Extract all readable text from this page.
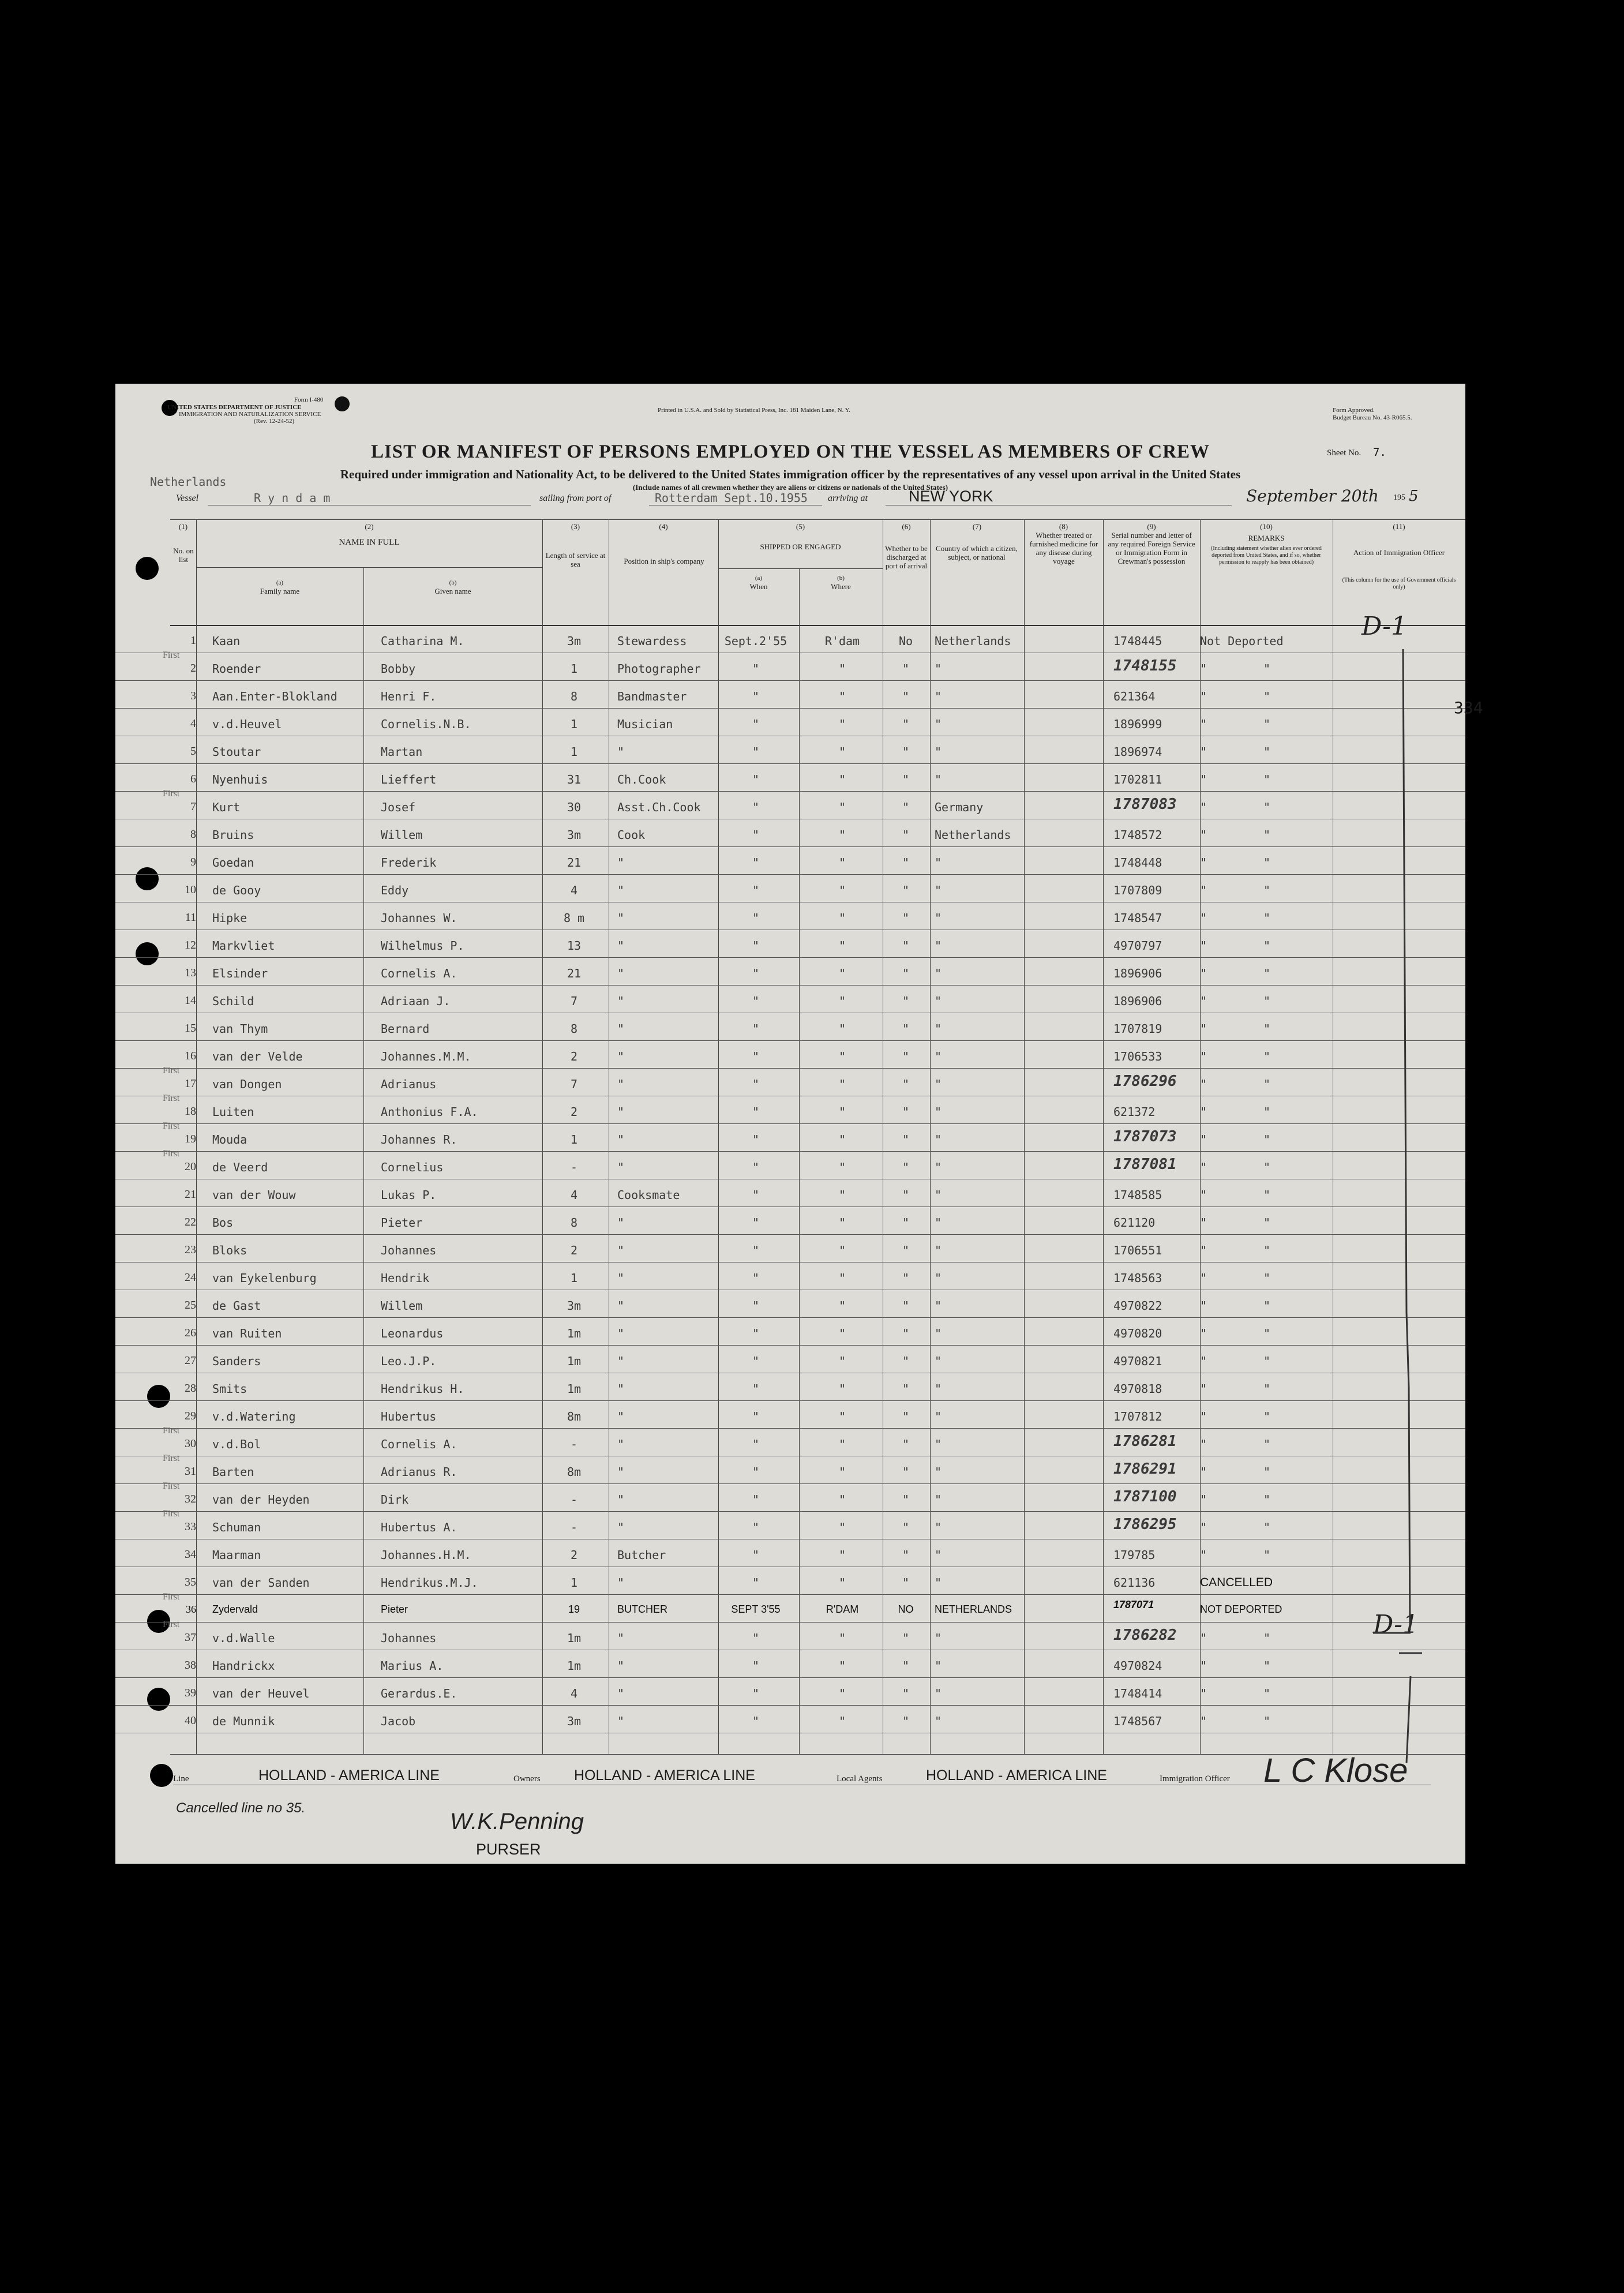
Form I-480
UNITED STATES DEPARTMENT OF JUSTICE
IMMIGRATION AND NATURALIZATION SERVICE
(Rev. 12-24-52)
Printed in U.S.A. and Sold by Statistical Press, Inc. 181 Maiden Lane, N. Y.	Form Approved.
Budget Bureau No. 43-R065.5.
LIST OR MANIFEST OF PERSONS EMPLOYED ON THE VESSEL AS MEMBERS OF CREW	Sheet No. 7.
Required under immigration and Nationality Act, to be delivered to the United States immigration officer by the representatives of any vessel upon arrival in the United States
(Include names of all crewmen whether they are aliens or citizens or nationals of the United States)
Netherlands
Vessel	R y n d a m	sailing from port of	Rotterdam Sept.10.1955 arriving at	NEW YORK	September 20th 195 5
334
(1)	(2)	(3)	(4)	(5)	(6)	(7)	(8)	(9)	(10)	(11)
No. on list
NAME IN FULL
(a)
Family name
(b)
Given name
Length of service at sea	Position in ship's company
SHIPPED OR ENGAGED
(a)
When
(b)
Where
Whether to be discharged at port of arrival
Country of which a citizen, subject, or national
Whether treated or furnished medicine for any disease during voyage
Serial number and letter of any required Foreign Service or Immigration Form in Crewman's possession
REMARKS
(Including statement whether alien ever ordered deported from United States, and if so, whether permission to reapply has been obtained)
Action of Immigration Officer
(This column for the use of Government officials only)
1 Kaan	Catharina M.	3m	Stewardess	Sept.2'55	R'dam	No	Netherlands	1748445	Not Deported
2 Roender	Bobby	1	Photographer	"	"	"	"	1748155 "	"
First
3 Aan.Enter-Blokland	Henri F.	8	Bandmaster	"	"	"	"	621364	"	"
4 v.d.Heuvel	Cornelis.N.B.	1	Musician	"	"	"	"	1896999	"	"
5 Stoutar	Martan	1	"	"	"	"	"	1896974	"	"
6 Nyenhuis	Lieffert	31	Ch.Cook	"	"	"	"	1702811	"	"
7 Kurt	Josef	30	Asst.Ch.Cook	"	"	"	Germany	1787083 "	"
First
8 Bruins	Willem	3m	Cook	"	"	"	Netherlands	1748572	"	"
9 Goedan	Frederik	21	"	"	"	"	"	1748448	"	"
10 de Gooy	Eddy	4	"	"	"	"	"	1707809	"	"
11 Hipke	Johannes W.	8 m	"	"	"	"	"	1748547	"	"
12 Markvliet	Wilhelmus P.	13	"	"	"	"	"	4970797	"	"
13 Elsinder	Cornelis A.	21	"	"	"	"	"	1896906	"	"
14 Schild	Adriaan J.	7	"	"	"	"	"	1896906	"	"
15 van Thym	Bernard	8	"	"	"	"	"	1707819	"	"
16 van der Velde	Johannes.M.M.	2	"	"	"	"	"	1706533	"	"
17 van Dongen	Adrianus	7	"	"	"	"	"	1786296 "	"
First
18 Luiten	Anthonius F.A.	2	"	"	"	"	"	621372	"	"
First
19 Mouda	Johannes R.	1	"	"	"	"	"	1787073 "	"
First
20 de Veerd	Cornelius	-	"	"	"	"	"	1787081 "	"
First
21 van der Wouw	Lukas P.	4	Cooksmate	"	"	"	"	1748585	"	"
22 Bos	Pieter	8	"	"	"	"	"	621120	"	"
23 Bloks	Johannes	2	"	"	"	"	"	1706551	"	"
24 van Eykelenburg	Hendrik	1	"	"	"	"	"	1748563	"	"
25 de Gast	Willem	3m	"	"	"	"	"	4970822	"	"
26 van Ruiten	Leonardus	1m	"	"	"	"	"	4970820	"	"
27 Sanders	Leo.J.P.	1m	"	"	"	"	"	4970821	"	"
28 Smits	Hendrikus H.	1m	"	"	"	"	"	4970818	"	"
29 v.d.Watering	Hubertus	8m	"	"	"	"	"	1707812	"	"
30 v.d.Bol	Cornelis A.	-	"	"	"	"	"	1786281 "	"
First
31 Barten	Adrianus R.	8m	"	"	"	"	"	1786291 "	"
First
32 van der Heyden	Dirk	-	"	"	"	"	"	1787100 "	"
First
33 Schuman	Hubertus A.	-	"	"	"	"	"	1786295 "	"
First
34 Maarman	Johannes.H.M.	2	Butcher	"	"	"	"	179785	"	"
35 van der Sanden	Hendrikus.M.J.	1	"	"	"	"	"	621136	CANCELLED
36 Zydervald	Pieter	19	BUTCHER	SEPT 3'55	R'DAM	NO	NETHERLANDS	1787071	NOT DEPORTED
First
37 v.d.Walle	Johannes	1m	"	"	"	"	"	1786282 "	"
First
38 Handrickx	Marius A.	1m	"	"	"	"	"	4970824	"	"
39 van der Heuvel	Gerardus.E.	4	"	"	"	"	"	1748414	"	"
40 de Munnik	Jacob	3m	"	"	"	"	"	1748567	"	"
D-1
D-1
Line	HOLLAND - AMERICA LINE	Owners HOLLAND - AMERICA LINE	Local Agents	HOLLAND - AMERICA LINE	Immigration Officer L C Klose
Cancelled line no 35.
W.K.Penning
PURSER
